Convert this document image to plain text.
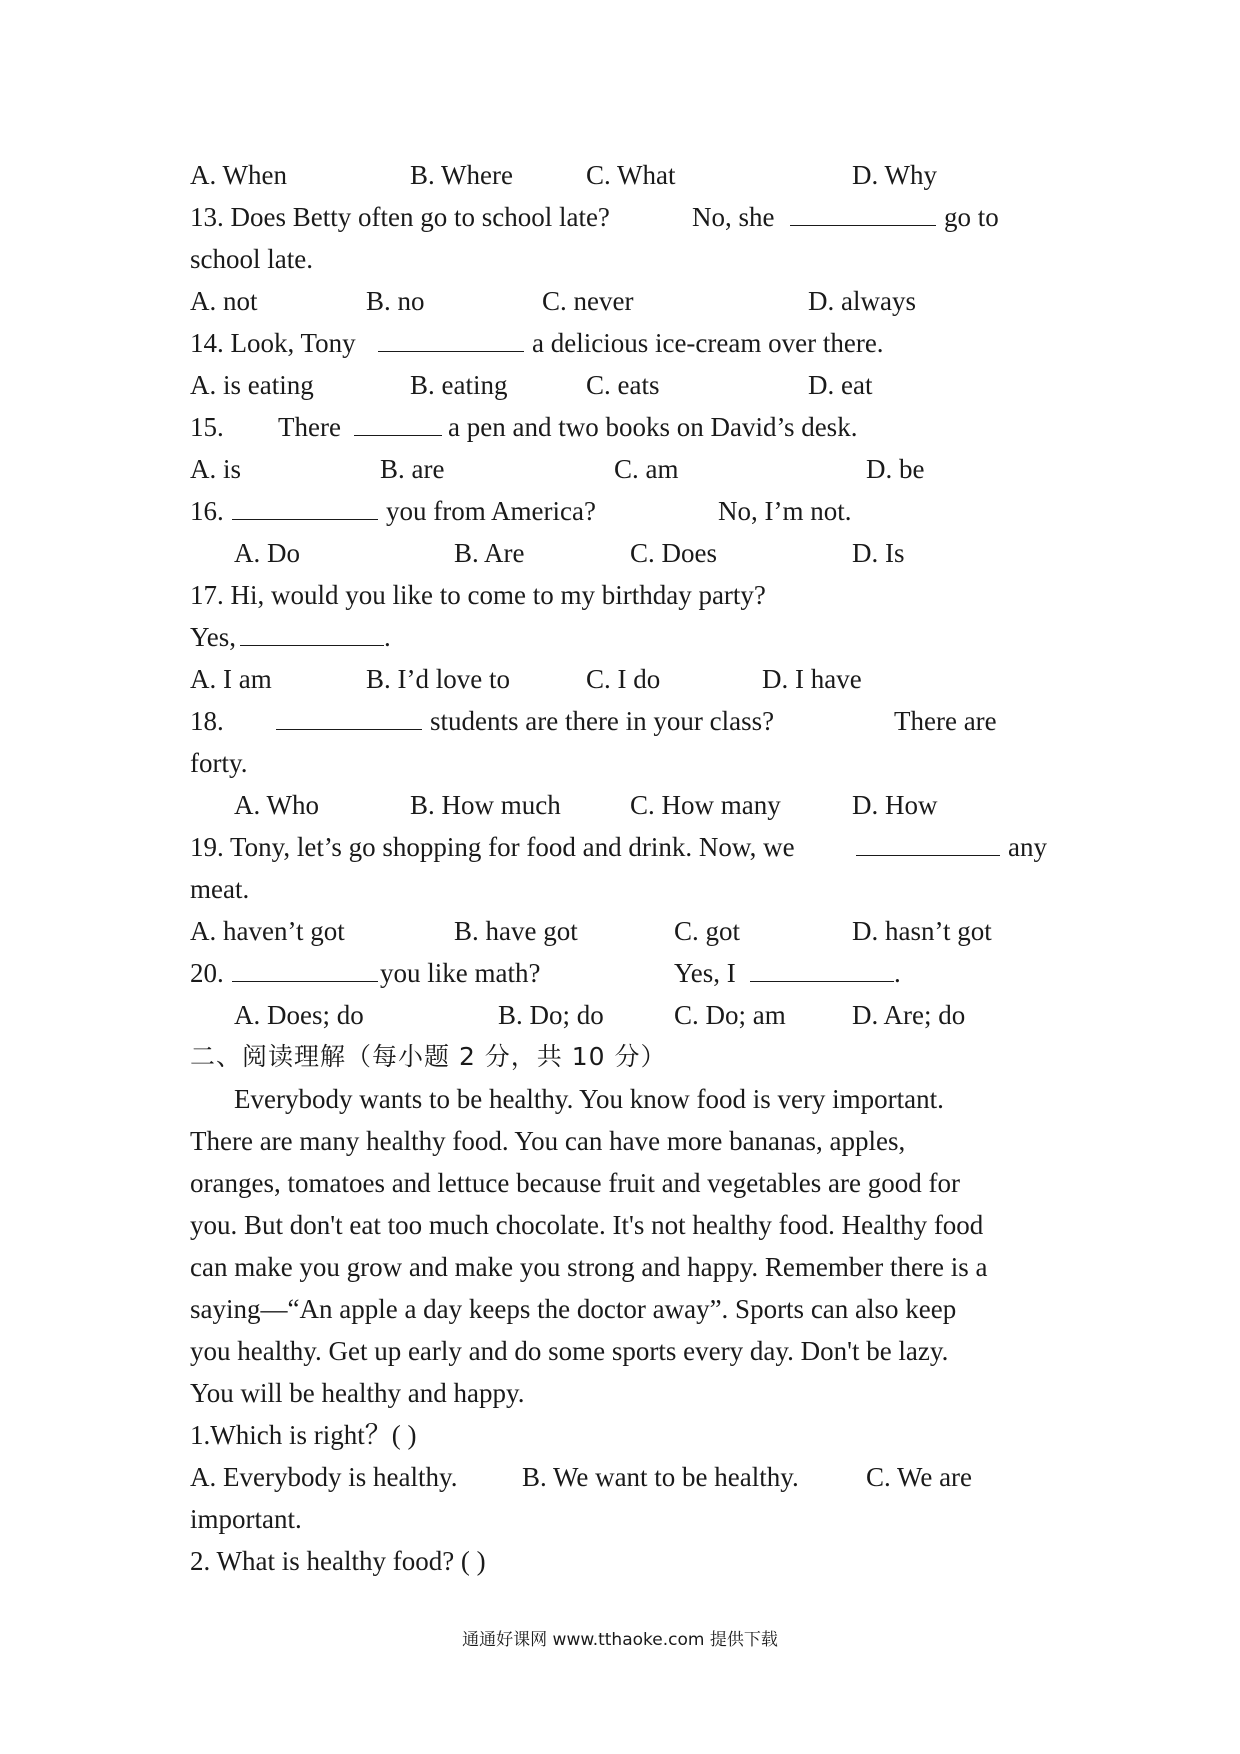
A. When	B. Where	C. What	D. Why
13. Does Betty often go to school late?	No, she	go to
school late.
A. not	B. no	C. never	D. always
14. Look, Tony	a delicious ice-cream over there.
A. is eating	B. eating	C. eats	D. eat
15. There	a pen and two books on David’s desk.
A. is	B. are	C. am	D. be
16.	you from America?	No, I’m not.
A. Do	B. Are	C. Does	D. Is
17. Hi, would you like to come to my birthday party?
Yes,	.
A. I am	B. I’d love to	C. I do	D. I have
18.	students are there in your class?	There are
forty.
A. Who	B. How much	C. How many	D. How
19. Tony, let’s go shopping for food and drink. Now, we	any
meat.
A. haven’t got	B. have got	C. got	D. hasn’t got
20.	you like math?	Yes, I	.
A. Does; do	B. Do; do	C. Do; am D. Are; do
二、阅读理解（每小题 2 分，共 10 分）
Everybody wants to be healthy. You know food is very important.
There are many healthy food. You can have more bananas, apples,
oranges, tomatoes and lettuce because fruit and vegetables are good for
you. But don't eat too much chocolate. It's not healthy food. Healthy food
can make you grow and make you strong and happy. Remember there is a
saying—“An apple a day keeps the doctor away”. Sports can also keep
you healthy. Get up early and do some sports every day. Don't be lazy.
You will be healthy and happy.
1.Which is right？( )
A. Everybody is healthy. B. We want to be healthy. C. We are
important.
2. What is healthy food? ( )
通通好课网 www.tthaoke.com 提供下载
